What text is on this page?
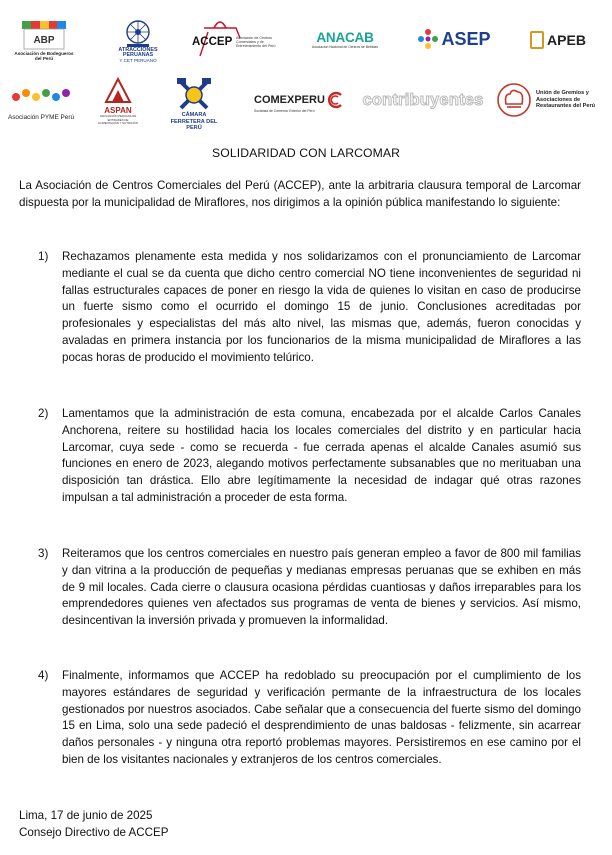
ABP
Asociación de Bodegueros del Perú
ATRACCIONES PERUANAS
Y CET PERUANO
ACCEP Asociación de Centros Comerciales y de Entretenimiento del Perú
ANACAB
Asociación Nacional de Centros de Bebidas	ASEP	APEB
Asociación PYME Perú
ASPAN
ASOCIACIÓN PERUANA DE ENTIDADES DE ALIMENTACIÓN Y NUTRICIÓN
CÁMARA FERRETERA DEL PERÚ
COMEXPERU
Sociedad de Comercio Exterior del Perú
contribuyentes	Unión de Gremios y Asociaciones de Restaurantes del Perú
SOLIDARIDAD CON LARCOMAR
La Asociación de Centros Comerciales del Perú (ACCEP), ante la arbitraria clausura temporal de Larcomar dispuesta por la municipalidad de Miraflores, nos dirigimos a la opinión pública manifestando lo siguiente:
1)	Rechazamos plenamente esta medida y nos solidarizamos con el pronunciamiento de Larcomar mediante el cual se da cuenta que dicho centro comercial NO tiene inconvenientes de seguridad ni fallas estructurales capaces de poner en riesgo la vida de quienes lo visitan en caso de producirse un fuerte sismo como el ocurrido el domingo 15 de junio. Conclusiones acreditadas por profesionales y especialistas del más alto nivel, las mismas que, además, fueron conocidas y avaladas en primera instancia por los funcionarios de la misma municipalidad de Miraflores a las pocas horas de producido el movimiento telúrico.
2)	Lamentamos que la administración de esta comuna, encabezada por el alcalde Carlos Canales Anchorena, reitere su hostilidad hacia los locales comerciales del distrito y en particular hacia Larcomar, cuya sede - como se recuerda - fue cerrada apenas el alcalde Canales asumió sus funciones en enero de 2023, alegando motivos perfectamente subsanables que no merituaban una disposición tan drástica. Ello abre legítimamente la necesidad de indagar qué otras razones impulsan a tal administración a proceder de esta forma.
3)	Reiteramos que los centros comerciales en nuestro país generan empleo a favor de 800 mil familias y dan vitrina a la producción de pequeñas y medianas empresas peruanas que se exhiben en más de 9 mil locales. Cada cierre o clausura ocasiona pérdidas cuantiosas y daños irreparables para los emprendedores quienes ven afectados sus programas de venta de bienes y servicios. Así mismo, desincentivan la inversión privada y promueven la informalidad.
4)	Finalmente, informamos que ACCEP ha redoblado su preocupación por el cumplimiento de los mayores estándares de seguridad y verificación permante de la infraestructura de los locales gestionados por nuestros asociados. Cabe señalar que a consecuencia del fuerte sismo del domingo 15 en Lima, solo una sede padeció el desprendimiento de unas baldosas - felizmente, sin acarrear daños personales - y ninguna otra reportó problemas mayores. Persistiremos en ese camino por el bien de los visitantes nacionales y extranjeros de los centros comerciales.
Lima, 17 de junio de 2025
Consejo Directivo de ACCEP
